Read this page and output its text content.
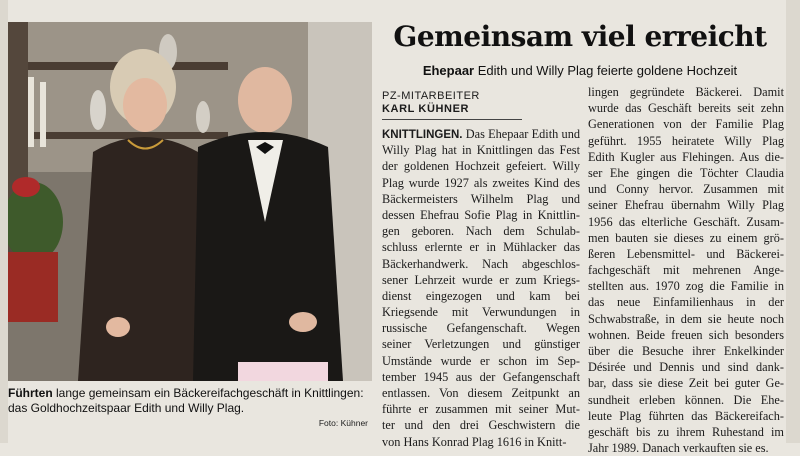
Führten lange gemeinsam ein Bäckereifachgeschäft in Knittlingen:
das Goldhochzeitspaar Edith und Willy Plag.
Foto: Kühner
Gemeinsam viel erreicht
Ehepaar Edith und Willy Plag feierte goldene Hochzeit
PZ-MITARBEITER
KARL KÜHNER
KNITTLINGEN. Das Ehepaar Edith und
Willy Plag hat in Knittlingen das Fest
der goldenen Hochzeit gefeiert. Willy
Plag wurde 1927 als zweites Kind des
Bäckermeisters Wilhelm Plag und
dessen Ehefrau Sofie Plag in Knittlin-
gen geboren. Nach dem Schulab-
schluss erlernte er in Mühlacker das
Bäckerhandwerk. Nach abgeschlos-
sener Lehrzeit wurde er zum Kriegs-
dienst eingezogen und kam bei
Kriegsende mit Verwundungen in
russische Gefangenschaft. Wegen
seiner Verletzungen und günstiger
Umstände wurde er schon im Sep-
tember 1945 aus der Gefangenschaft
entlassen. Von diesem Zeitpunkt an
führte er zusammen mit seiner Mut-
ter und den drei Geschwistern die
von Hans Konrad Plag 1616 in Knitt-
lingen gegründete Bäckerei. Damit
wurde das Geschäft bereits seit zehn
Generationen von der Familie Plag
geführt. 1955 heiratete Willy Plag
Edith Kugler aus Flehingen. Aus die-
ser Ehe gingen die Töchter Claudia
und Conny hervor. Zusammen mit
seiner Ehefrau übernahm Willy Plag
1956 das elterliche Geschäft. Zusam-
men bauten sie dieses zu einem grö-
ßeren Lebensmittel- und Bäckerei-
fachgeschäft mit mehrenen Ange-
stellten aus. 1970 zog die Familie in
das neue Einfamilienhaus in der
Schwabstraße, in dem sie heute noch
wohnen. Beide freuen sich besonders
über die Besuche ihrer Enkelkinder
Désirée und Dennis und sind dank-
bar, dass sie diese Zeit bei guter Ge-
sundheit erleben können. Die Ehe-
leute Plag führten das Bäckereifach-
geschäft bis zu ihrem Ruhestand im
Jahr 1989. Danach verkauften sie es.
